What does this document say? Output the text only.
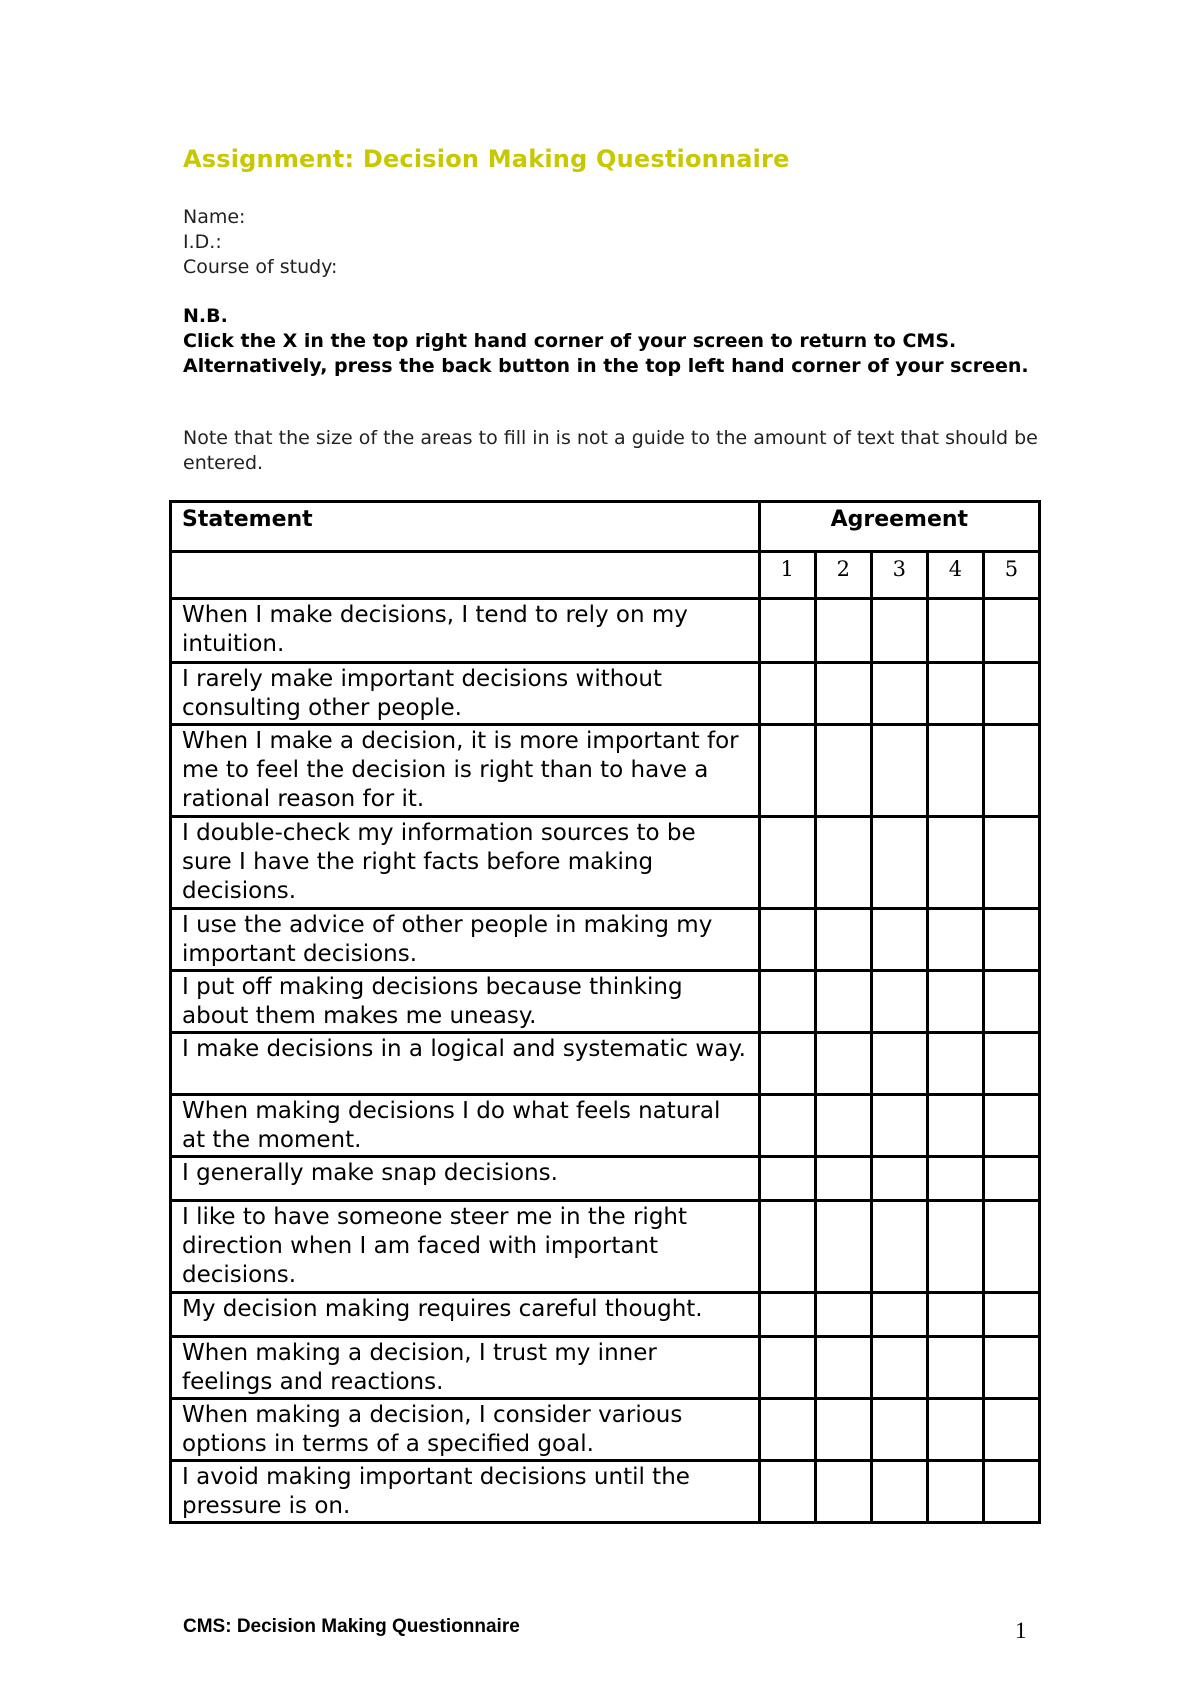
Assignment: Decision Making Questionnaire
Name:
I.D.:
Course of study:
N.B.
Click the X in the top right hand corner of your screen to return to CMS. Alternatively, press the back button in the top left hand corner of your screen.
Note that the size of the areas to fill in is not a guide to the amount of text that should be entered.
Statement	Agreement				
	1	2	3	4	5
When I make decisions, I tend to rely on my intuition.					
I rarely make important decisions without consulting other people.					
When I make a decision, it is more important for me to feel the decision is right than to have a rational reason for it.					
I double-check my information sources to be sure I have the right facts before making decisions.					
I use the advice of other people in making my important decisions.					
I put off making decisions because thinking about them makes me uneasy.					
I make decisions in a logical and systematic way.					
When making decisions I do what feels natural at the moment.					
I generally make snap decisions.					
I like to have someone steer me in the right direction when I am faced with important decisions.					
My decision making requires careful thought.					
When making a decision, I trust my inner feelings and reactions.					
When making a decision, I consider various options in terms of a specified goal.					
I avoid making important decisions until the pressure is on.					
CMS: Decision Making Questionnaire	1
